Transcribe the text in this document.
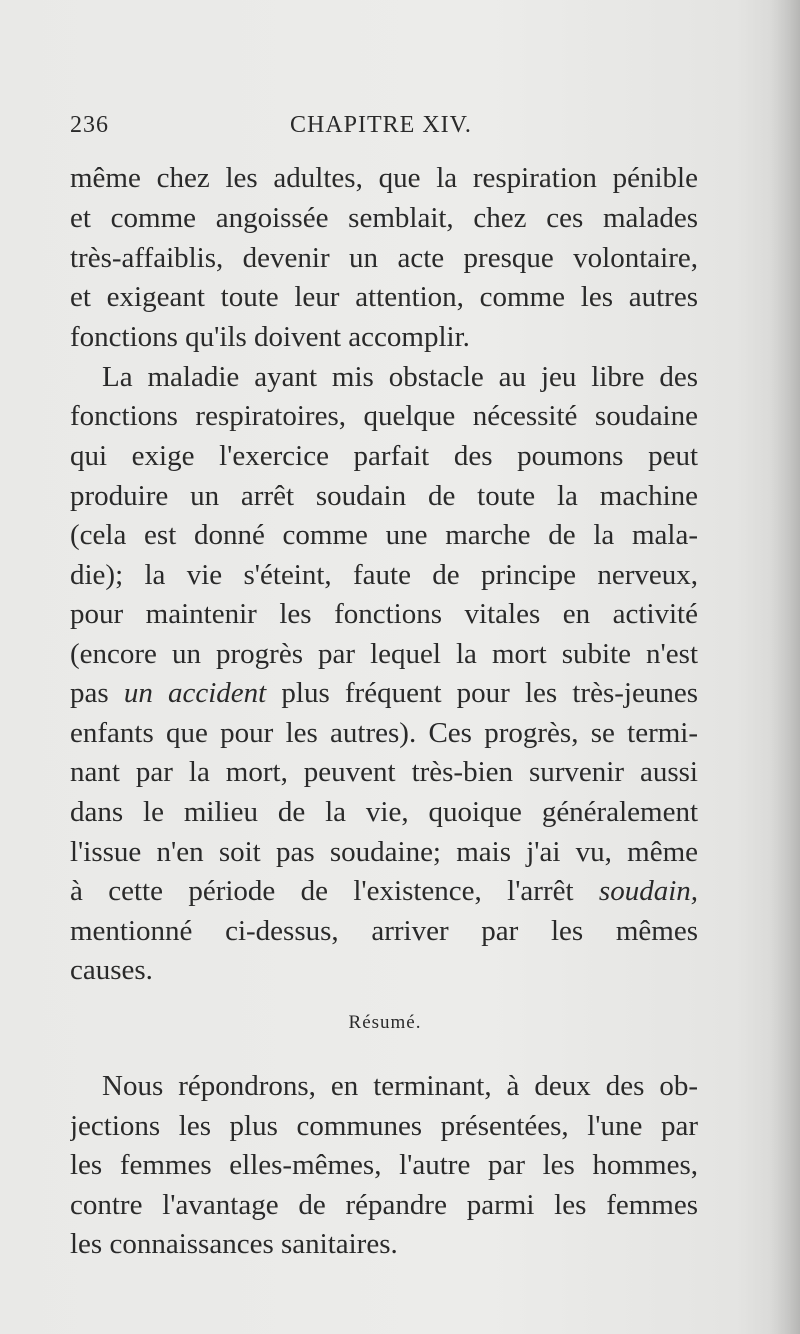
236	CHAPITRE XIV.
même chez les adultes, que la respiration pénible
et comme angoissée semblait, chez ces malades
très-affaiblis, devenir un acte presque volontaire,
et exigeant toute leur attention, comme les autres
fonctions qu'ils doivent accomplir.
La maladie ayant mis obstacle au jeu libre des
fonctions respiratoires, quelque nécessité soudaine
qui exige l'exercice parfait des poumons peut
produire un arrêt soudain de toute la machine
(cela est donné comme une marche de la mala-
die); la vie s'éteint, faute de principe nerveux,
pour maintenir les fonctions vitales en activité
(encore un progrès par lequel la mort subite n'est
pas un accident plus fréquent pour les très-jeunes
enfants que pour les autres). Ces progrès, se termi-
nant par la mort, peuvent très-bien survenir aussi
dans le milieu de la vie, quoique généralement
l'issue n'en soit pas soudaine; mais j'ai vu, même
à cette période de l'existence, l'arrêt soudain,
mentionné ci-dessus, arriver par les mêmes
causes.
Résumé.
Nous répondrons, en terminant, à deux des ob-
jections les plus communes présentées, l'une par
les femmes elles-mêmes, l'autre par les hommes,
contre l'avantage de répandre parmi les femmes
les connaissances sanitaires.
